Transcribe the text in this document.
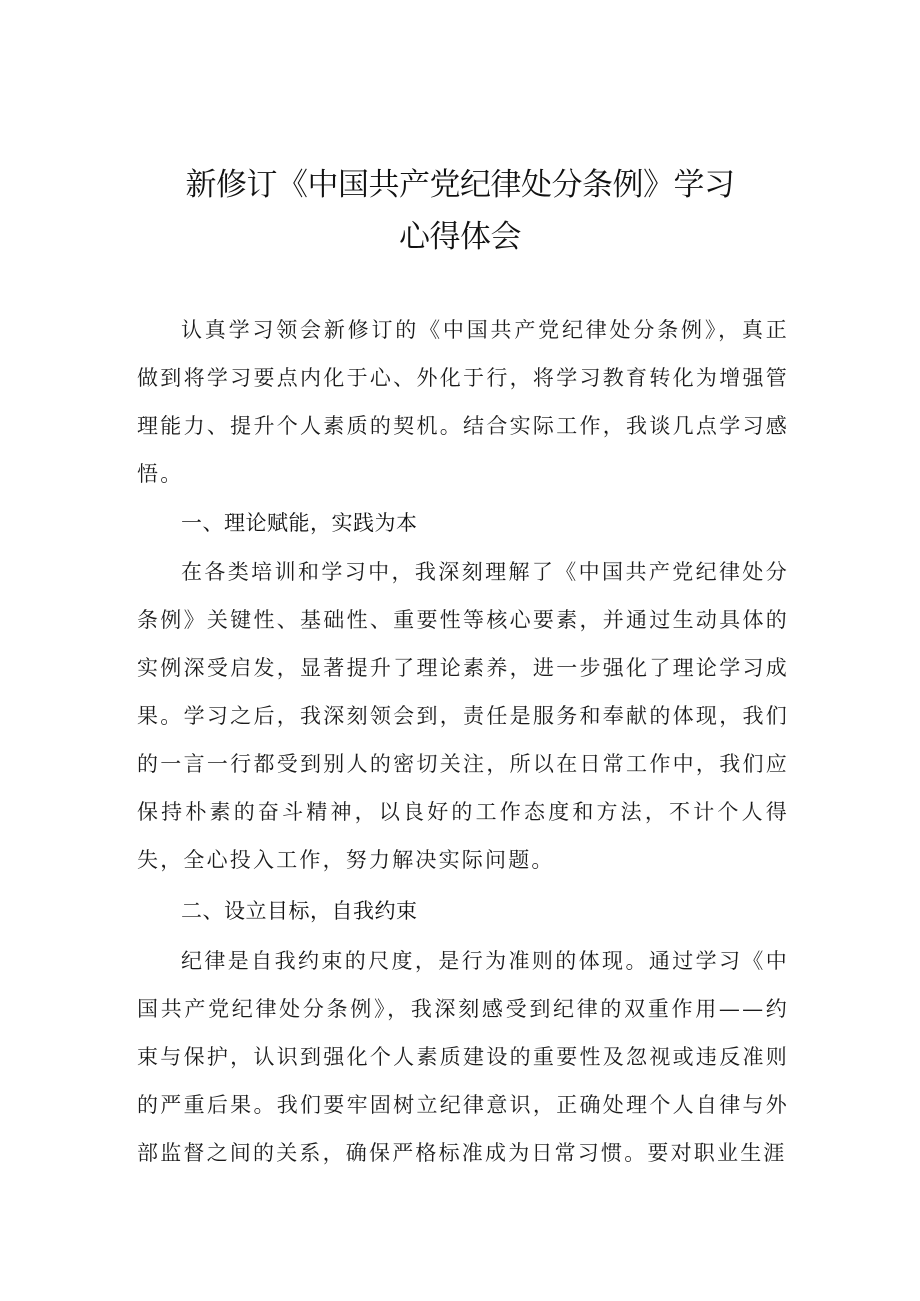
新修订《中国共产党纪律处分条例》学习
心得体会

认真学习领会新修订的《中国共产党纪律处分条例》，真正做到将学习要点内化于心、外化于行，将学习教育转化为增强管理能力、提升个人素质的契机。结合实际工作，我谈几点学习感悟。

一、理论赋能，实践为本

在各类培训和学习中，我深刻理解了《中国共产党纪律处分条例》关键性、基础性、重要性等核心要素，并通过生动具体的实例深受启发，显著提升了理论素养，进一步强化了理论学习成果。学习之后，我深刻领会到，责任是服务和奉献的体现，我们的一言一行都受到别人的密切关注，所以在日常工作中，我们应保持朴素的奋斗精神，以良好的工作态度和方法，不计个人得失，全心投入工作，努力解决实际问题。

二、设立目标，自我约束

纪律是自我约束的尺度，是行为准则的体现。通过学习《中国共产党纪律处分条例》，我深刻感受到纪律的双重作用——约束与保护，认识到强化个人素质建设的重要性及忽视或违反准则的严重后果。我们要牢固树立纪律意识，正确处理个人自律与外部监督之间的关系，确保严格标准成为日常习惯。要对职业生涯
